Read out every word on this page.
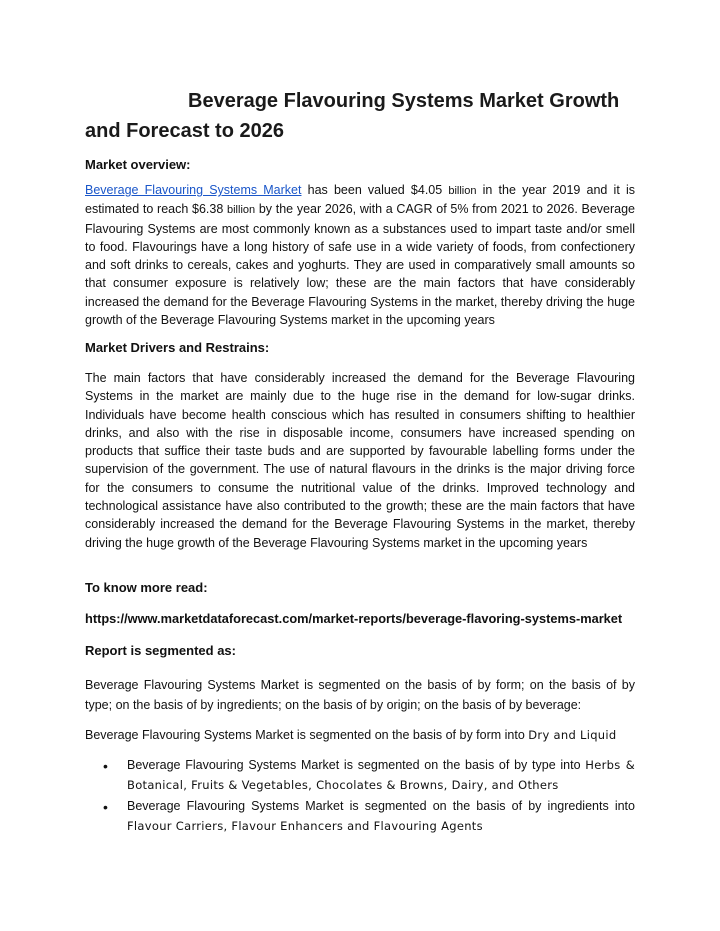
Beverage Flavouring Systems Market Growth and Forecast to 2026

Market overview:

Beverage Flavouring Systems Market has been valued $4.05 billion in the year 2019 and it is estimated to reach $6.38 billion by the year 2026, with a CAGR of 5% from 2021 to 2026. Beverage Flavouring Systems are most commonly known as a substances used to impart taste and/or smell to food. Flavourings have a long history of safe use in a wide variety of foods, from confectionery and soft drinks to cereals, cakes and yoghurts. They are used in comparatively small amounts so that consumer exposure is relatively low; these are the main factors that have considerably increased the demand for the Beverage Flavouring Systems in the market, thereby driving the huge growth of the Beverage Flavouring Systems market in the upcoming years

Market Drivers and Restrains:

The main factors that have considerably increased the demand for the Beverage Flavouring Systems in the market are mainly due to the huge rise in the demand for low-sugar drinks. Individuals have become health conscious which has resulted in consumers shifting to healthier drinks, and also with the rise in disposable income, consumers have increased spending on products that suffice their taste buds and are supported by favourable labelling forms under the supervision of the government. The use of natural flavours in the drinks is the major driving force for the consumers to consume the nutritional value of the drinks. Improved technology and technological assistance have also contributed to the growth; these are the main factors that have considerably increased the demand for the Beverage Flavouring Systems in the market, thereby driving the huge growth of the Beverage Flavouring Systems market in the upcoming years

To know more read:

https://www.marketdataforecast.com/market-reports/beverage-flavoring-systems-market

Report is segmented as:

Beverage Flavouring Systems Market is segmented on the basis of by form; on the basis of by type; on the basis of by ingredients; on the basis of by origin; on the basis of by beverage:

Beverage Flavouring Systems Market is segmented on the basis of by form into Dry and Liquid

• Beverage Flavouring Systems Market is segmented on the basis of by type into Herbs & Botanical, Fruits & Vegetables, Chocolates & Browns, Dairy, and Others
• Beverage Flavouring Systems Market is segmented on the basis of by ingredients into Flavour Carriers, Flavour Enhancers and Flavouring Agents
